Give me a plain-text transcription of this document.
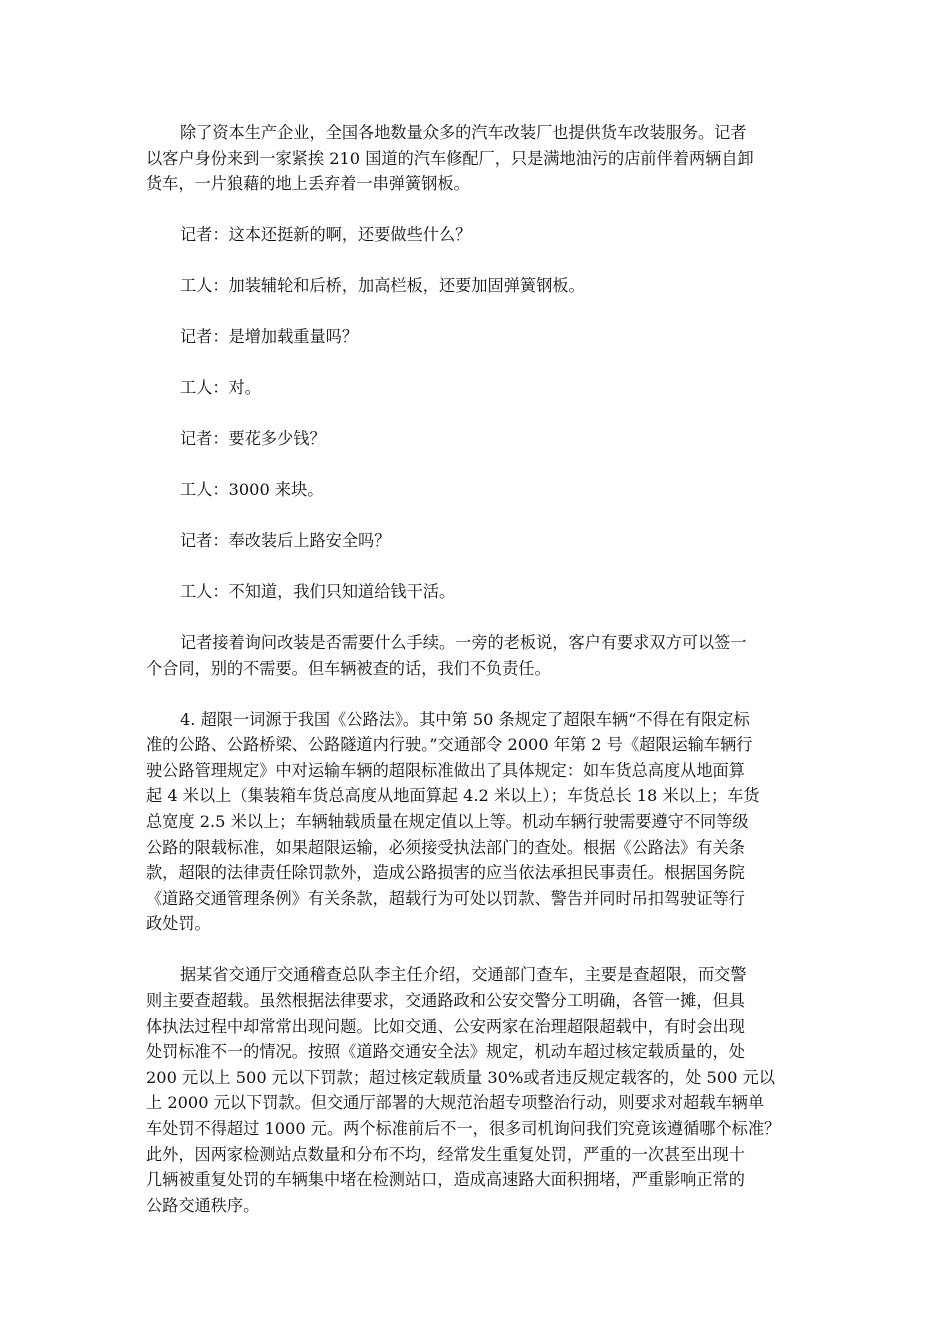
除了资本生产企业，全国各地数量众多的汽车改装厂也提供货车改装服务。记者
以客户身份来到一家紧挨 210 国道的汽车修配厂，只是满地油污的店前伴着两辆自卸
货车，一片狼藉的地上丢弃着一串弹簧钢板。
记者：这本还挺新的啊，还要做些什么？
工人：加装辅轮和后桥，加高栏板，还要加固弹簧钢板。
记者：是增加载重量吗？
工人：对。
记者：要花多少钱？
工人：3000 来块。
记者：奉改装后上路安全吗？
工人：不知道，我们只知道给钱干活。
记者接着询问改装是否需要什么手续。一旁的老板说，客户有要求双方可以签一
个合同，别的不需要。但车辆被查的话，我们不负责任。
4. 超限一词源于我国《公路法》。其中第 50 条规定了超限车辆“不得在有限定标
准的公路、公路桥梁、公路隧道内行驶。”交通部令 2000 年第 2 号《超限运输车辆行
驶公路管理规定》中对运输车辆的超限标准做出了具体规定：如车货总高度从地面算
起 4 米以上（集装箱车货总高度从地面算起 4.2 米以上）；车货总长 18 米以上；车货
总宽度 2.5 米以上；车辆轴载质量在规定值以上等。机动车辆行驶需要遵守不同等级
公路的限载标准，如果超限运输，必须接受执法部门的查处。根据《公路法》有关条
款，超限的法律责任除罚款外，造成公路损害的应当依法承担民事责任。根据国务院
《道路交通管理条例》有关条款，超载行为可处以罚款、警告并同时吊扣驾驶证等行
政处罚。
据某省交通厅交通稽查总队李主任介绍，交通部门查车，主要是查超限，而交警
则主要查超载。虽然根据法律要求，交通路政和公安交警分工明确，各管一摊，但具
体执法过程中却常常出现问题。比如交通、公安两家在治理超限超载中，有时会出现
处罚标准不一的情况。按照《道路交通安全法》规定，机动车超过核定载质量的，处
200 元以上 500 元以下罚款；超过核定载质量 30%或者违反规定载客的，处 500 元以
上 2000 元以下罚款。但交通厅部署的大规范治超专项整治行动，则要求对超载车辆单
车处罚不得超过 1000 元。两个标准前后不一，很多司机询问我们究竟该遵循哪个标准？
此外，因两家检测站点数量和分布不均，经常发生重复处罚，严重的一次甚至出现十
几辆被重复处罚的车辆集中堵在检测站口，造成高速路大面积拥堵，严重影响正常的
公路交通秩序。
